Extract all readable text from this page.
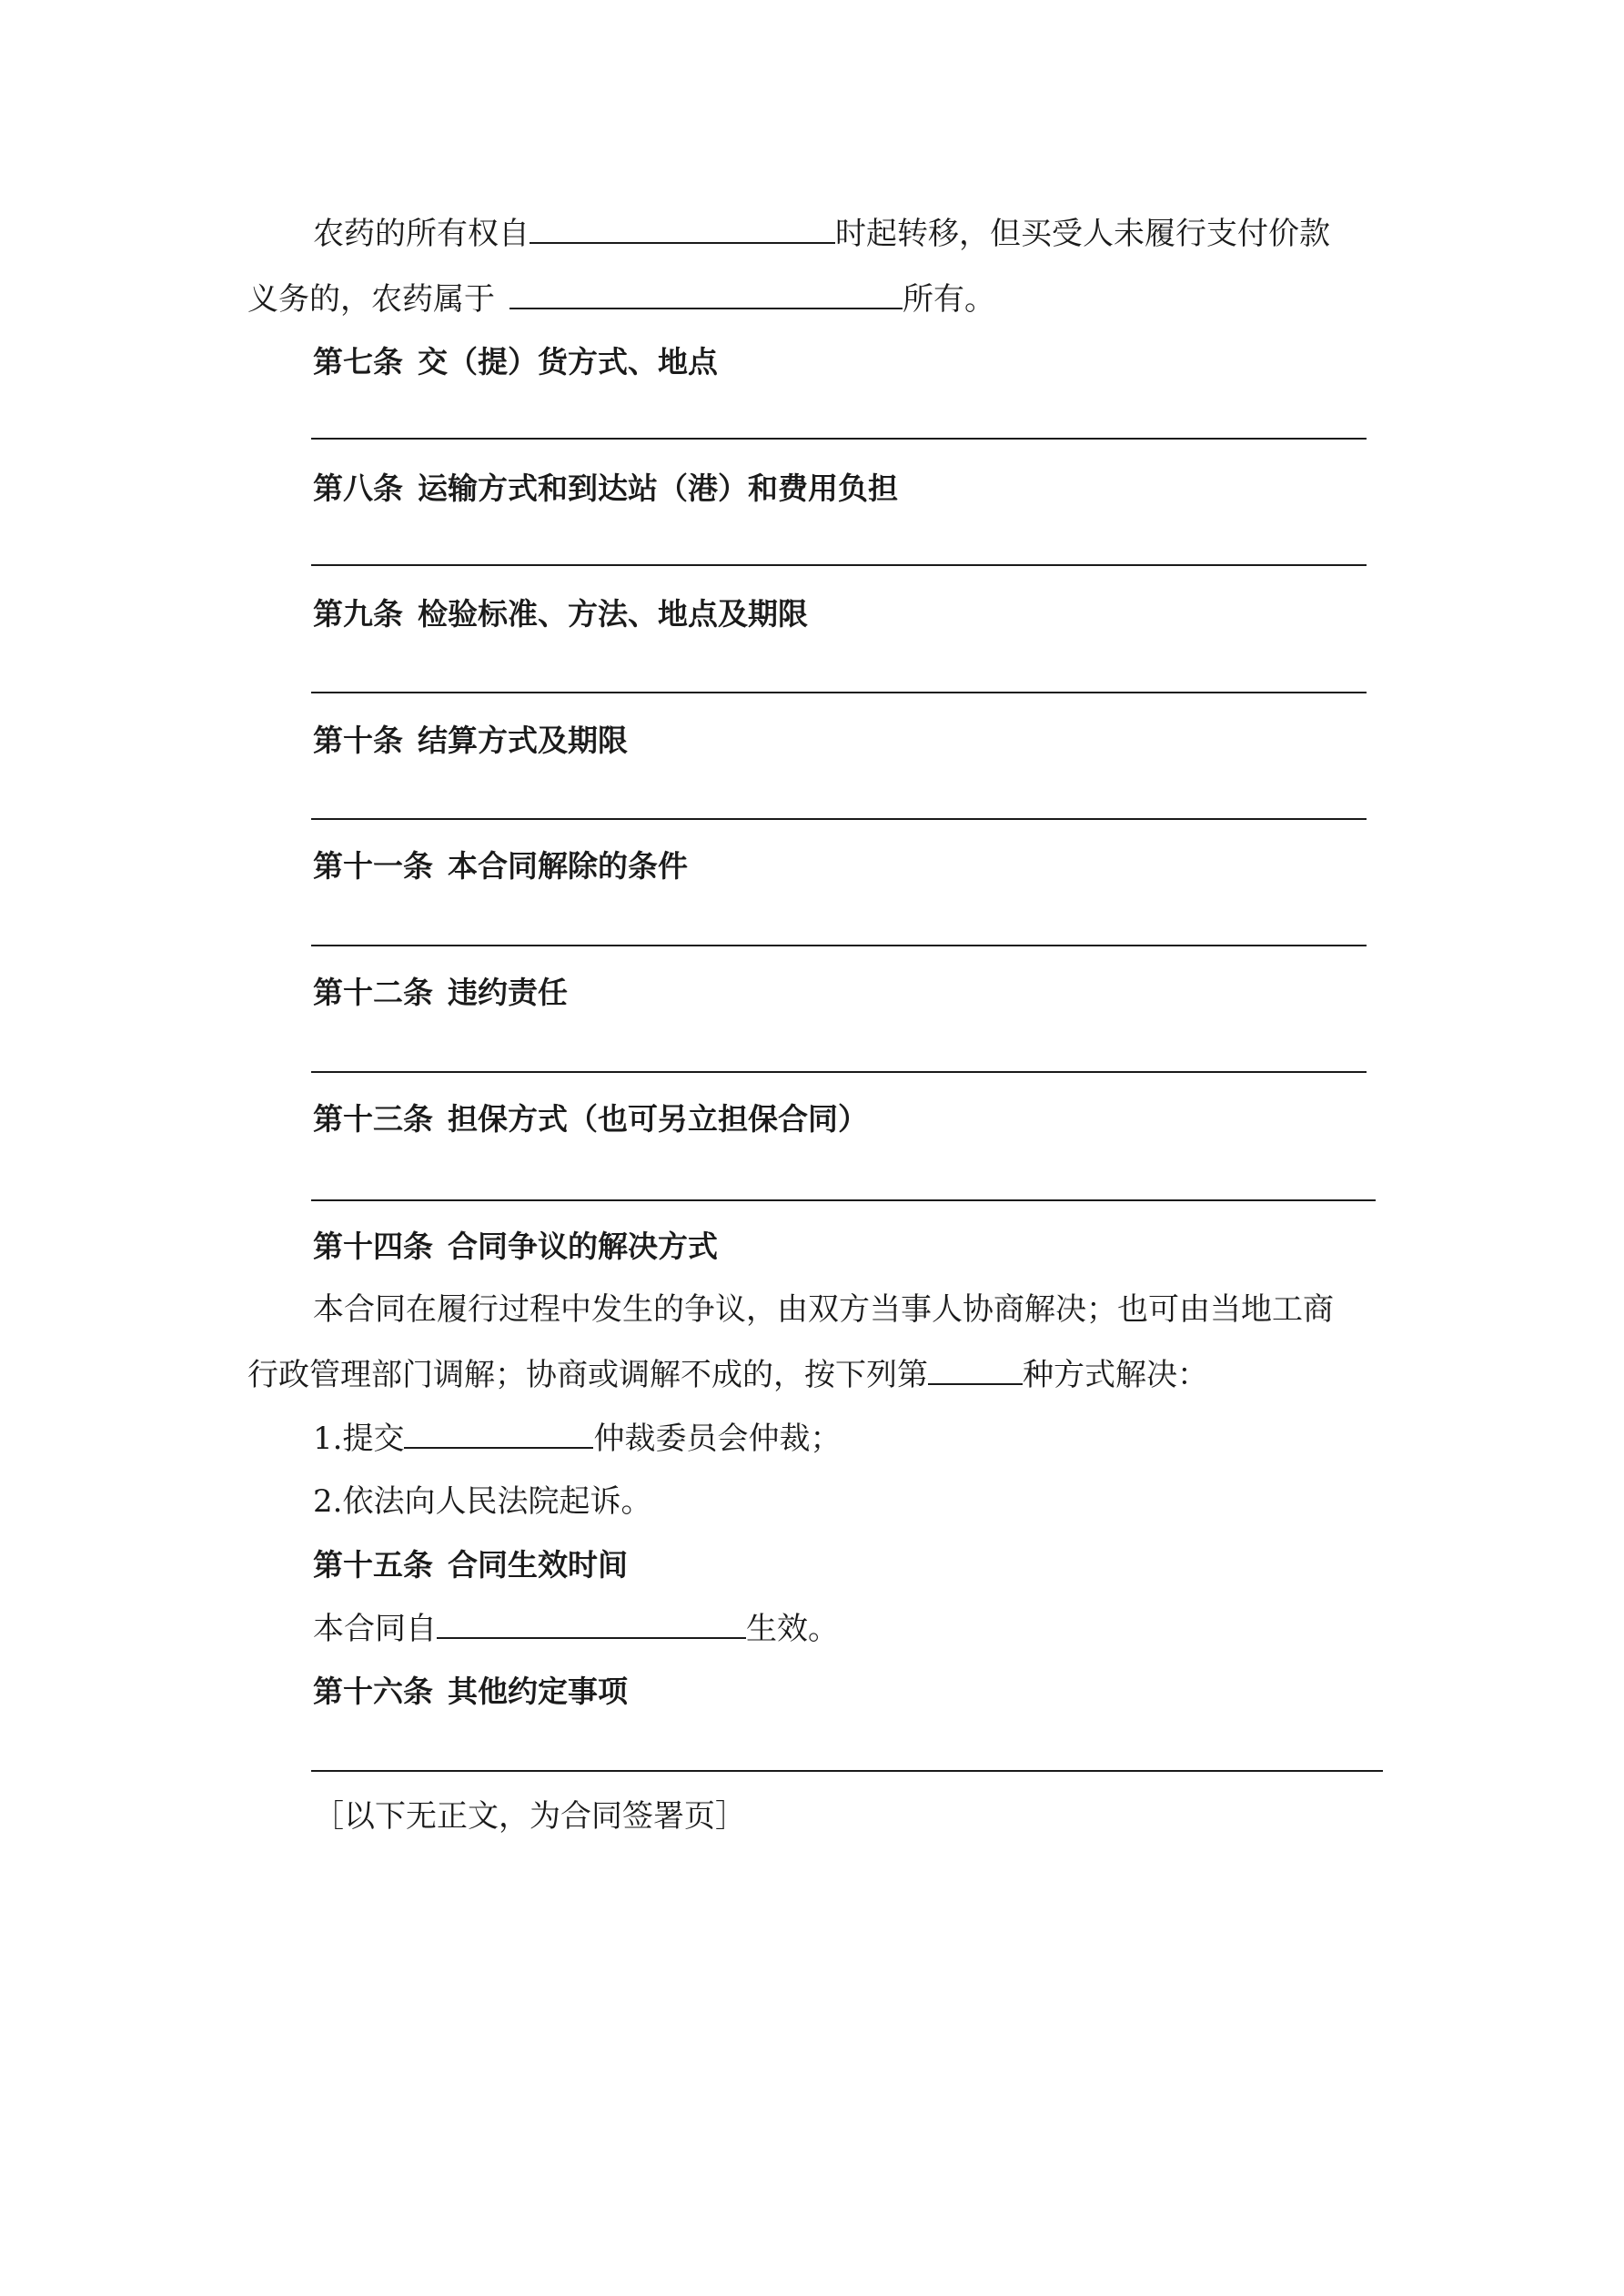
农药的所有权自	时起转移，但买受人未履行支付价款
义务的，农药属于	所有。
第七条 交（提）货方式、地点
第八条 运输方式和到达站（港）和费用负担
第九条 检验标准、方法、地点及期限
第十条 结算方式及期限
第十一条 本合同解除的条件
第十二条 违约责任
第十三条 担保方式（也可另立担保合同）
第十四条 合同争议的解决方式
本合同在履行过程中发生的争议，由双方当事人协商解决；也可由当地工商
行政管理部门调解；协商或调解不成的，按下列第	种方式解决：
1.提交	仲裁委员会仲裁；
2.依法向人民法院起诉。
第十五条 合同生效时间
本合同自	生效。
第十六条 其他约定事项
［以下无正文，为合同签署页］
